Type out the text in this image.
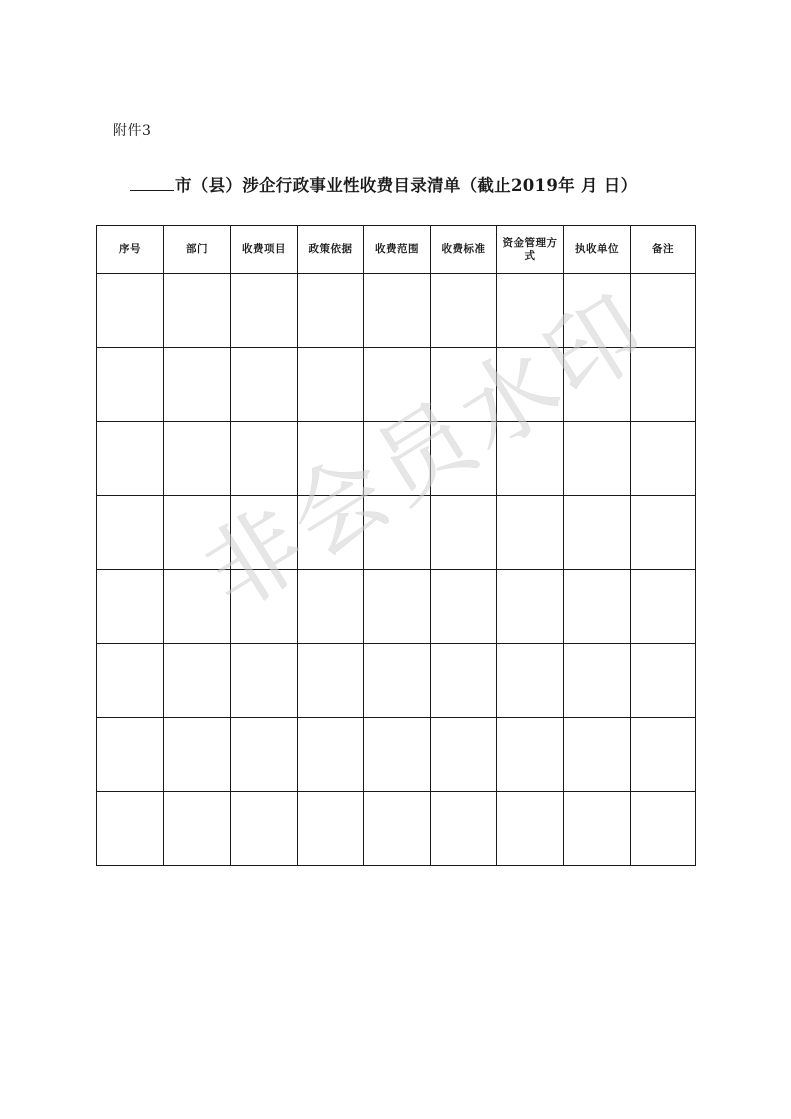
附件3
市（县）涉企行政事业性收费目录清单（截止2019年 月 日）
序号	部门	收费项目	政策依据	收费范围	收费标准	资金管理方式	执收单位	备注

非会员水印
